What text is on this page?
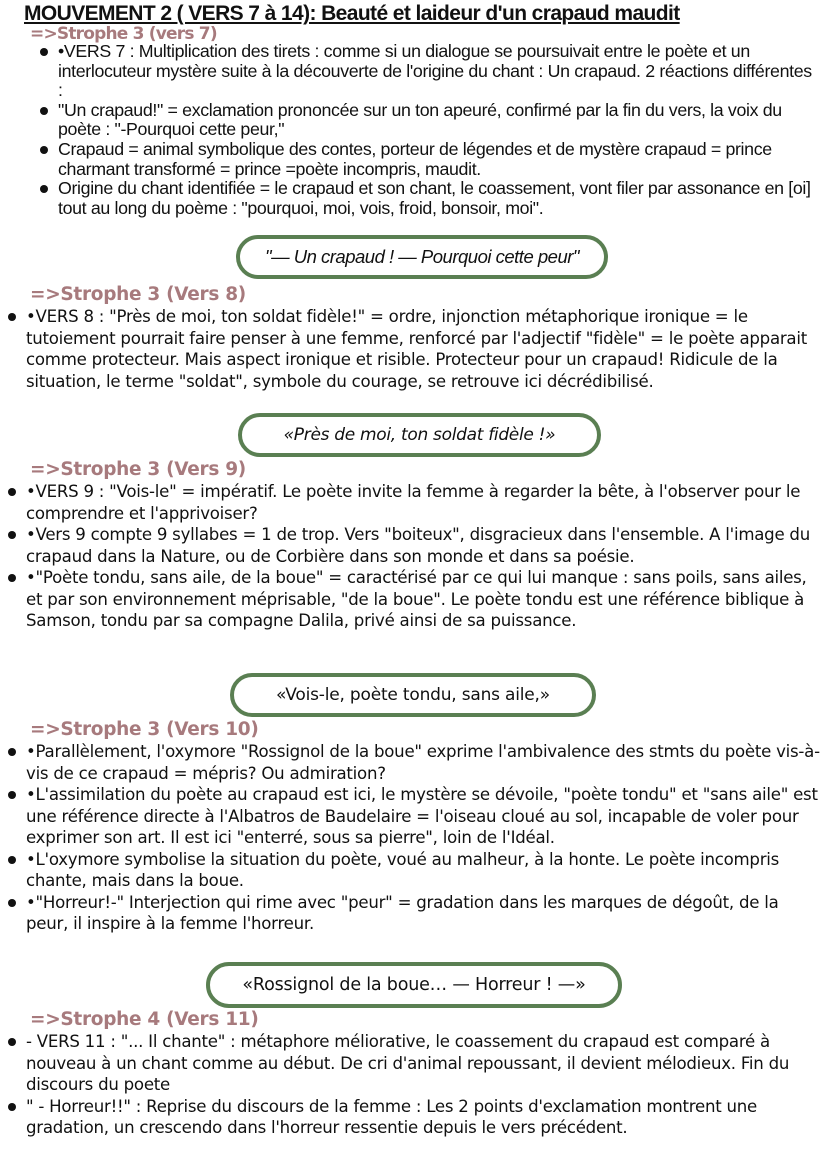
MOUVEMENT 2 ( VERS 7 à 14): Beauté et laideur d'un crapaud maudit
=>Strophe 3 (vers 7)
•VERS 7 : Multiplication des tirets : comme si un dialogue se poursuivait entre le poète et un interlocuteur mystère suite à la découverte de l'origine du chant : Un crapaud. 2 réactions différentes :
"Un crapaud!" = exclamation prononcée sur un ton apeuré, confirmé par la fin du vers, la voix du poète : "-Pourquoi cette peur,"
Crapaud = animal symbolique des contes, porteur de légendes et de mystère crapaud = prince charmant transformé = prince =poète incompris, maudit.
Origine du chant identifiée = le crapaud et son chant, le coassement, vont filer par assonance en [oi] tout au long du poème : "pourquoi, moi, vois, froid, bonsoir, moi".
"— Un crapaud ! — Pourquoi cette peur"
=>Strophe 3 (Vers 8)
•VERS 8 : "Près de moi, ton soldat fidèle!" = ordre, injonction métaphorique ironique = le tutoiement pourrait faire penser à une femme, renforcé par l'adjectif "fidèle" = le poète apparait comme protecteur. Mais aspect ironique et risible. Protecteur pour un crapaud! Ridicule de la situation, le terme "soldat", symbole du courage, se retrouve ici décrédibilisé.
«Près de moi, ton soldat fidèle !»
=>Strophe 3 (Vers 9)
•VERS 9 : "Vois-le" = impératif. Le poète invite la femme à regarder la bête, à l'observer pour le comprendre et l'apprivoiser?
•Vers 9 compte 9 syllabes = 1 de trop. Vers "boiteux", disgracieux dans l'ensemble. A l'image du crapaud dans la Nature, ou de Corbière dans son monde et dans sa poésie.
•"Poète tondu, sans aile, de la boue" = caractérisé par ce qui lui manque : sans poils, sans ailes, et par son environnement méprisable, "de la boue". Le poète tondu est une référence biblique à Samson, tondu par sa compagne Dalila, privé ainsi de sa puissance.
«Vois-le, poète tondu, sans aile,»
=>Strophe 3 (Vers 10)
•Parallèlement, l'oxymore "Rossignol de la boue" exprime l'ambivalence des stmts du poète vis-à-vis de ce crapaud = mépris? Ou admiration?
•L'assimilation du poète au crapaud est ici, le mystère se dévoile, "poète tondu" et "sans aile" est une référence directe à l'Albatros de Baudelaire = l'oiseau cloué au sol, incapable de voler pour exprimer son art. Il est ici "enterré, sous sa pierre", loin de l'Idéal.
•L'oxymore symbolise la situation du poète, voué au malheur, à la honte. Le poète incompris chante, mais dans la boue.
•"Horreur!-" Interjection qui rime avec "peur" = gradation dans les marques de dégoût, de la peur, il inspire à la femme l'horreur.
«Rossignol de la boue… — Horreur ! —»
=>Strophe 4 (Vers 11)
- VERS 11 : "... Il chante" : métaphore méliorative, le coassement du crapaud est comparé à nouveau à un chant comme au début. De cri d'animal repoussant, il devient mélodieux. Fin du discours du poete
" - Horreur!!" : Reprise du discours de la femme : Les 2 points d'exclamation montrent une gradation, un crescendo dans l'horreur ressentie depuis le vers précédent.
